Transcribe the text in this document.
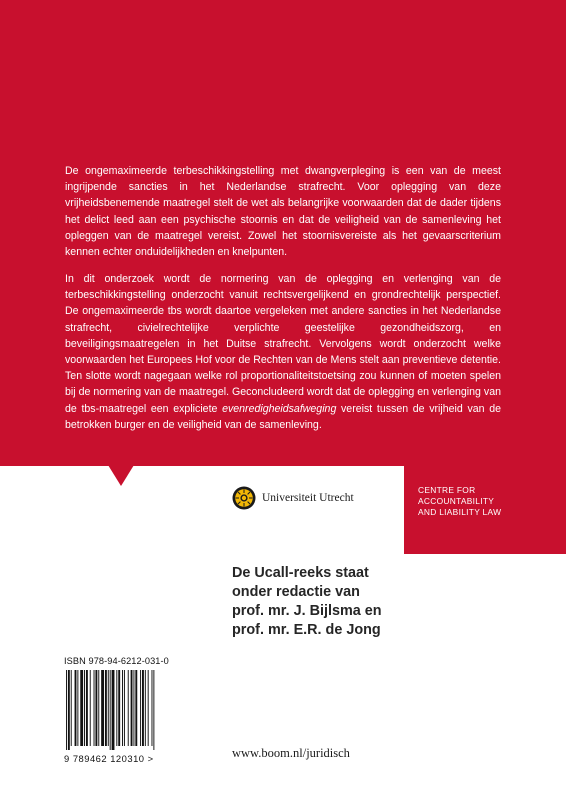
De ongemaximeerde terbeschikkingstelling met dwangverpleging is een van de meest ingrijpende sancties in het Nederlandse strafrecht. Voor oplegging van deze vrijheidsbenemende maatregel stelt de wet als belangrijke voorwaarden dat de dader tijdens het delict leed aan een psychische stoornis en dat de veiligheid van de samenleving het opleggen van de maatregel vereist. Zowel het stoornisvereiste als het gevaarscriterium kennen echter onduidelijkheden en knelpunten.

In dit onderzoek wordt de normering van de oplegging en verlenging van de terbeschikkingstelling onderzocht vanuit rechtsvergelijkend en grondrechtelijk perspectief. De ongemaximeerde tbs wordt daartoe vergeleken met andere sancties in het Nederlandse strafrecht, civielrechtelijke verplichte geestelijke gezondheidszorg, en beveiligingsmaatregelen in het Duitse strafrecht. Vervolgens wordt onderzocht welke voorwaarden het Europees Hof voor de Rechten van de Mens stelt aan preventieve detentie. Ten slotte wordt nagegaan welke rol proportionaliteitstoetsing zou kunnen of moeten spelen bij de normering van de maatregel. Geconcludeerd wordt dat de oplegging en verlenging van de tbs-maatregel een expliciete evenredigheidsafweging vereist tussen de vrijheid van de betrokken burger en de veiligheid van de samenleving.

Universiteit Utrecht
CENTRE FOR
ACCOUNTABILITY
AND LIABILITY LAW
De Ucall-reeks staat
onder redactie van
prof. mr. J. Bijlsma en
prof. mr. E.R. de Jong
ISBN 978-94-6212-031-0
9 789462 120310 >	www.boom.nl/juridisch
